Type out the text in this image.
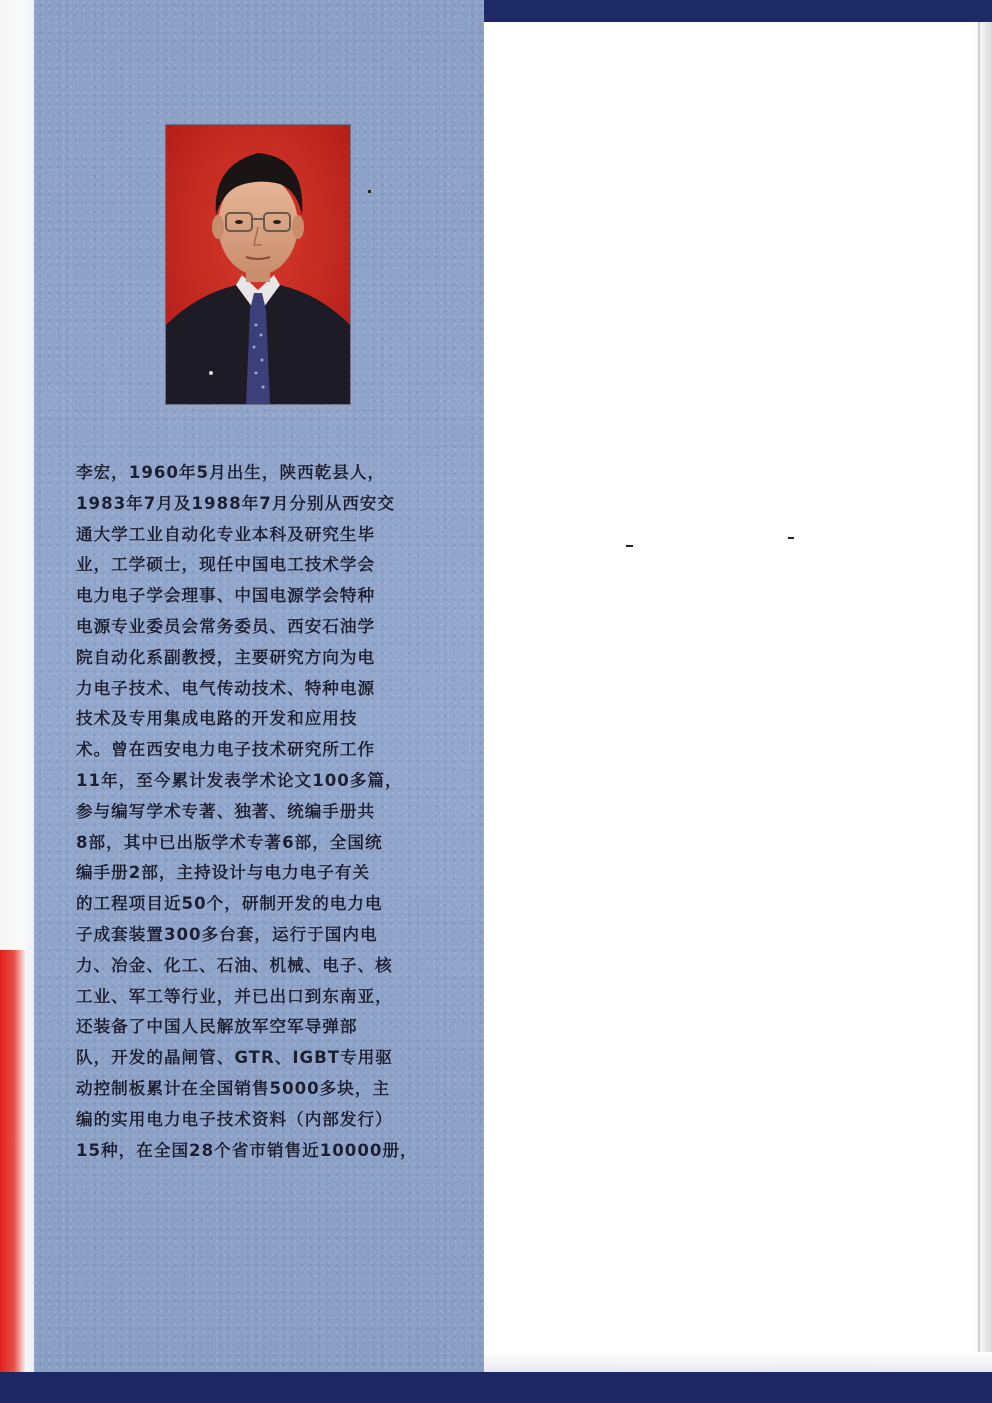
李宏，1960年5月出生，陕西乾县人，
1983年7月及1988年7月分别从西安交
通大学工业自动化专业本科及研究生毕
业，工学硕士，现任中国电工技术学会
电力电子学会理事、中国电源学会特种
电源专业委员会常务委员、西安石油学
院自动化系副教授，主要研究方向为电
力电子技术、电气传动技术、特种电源
技术及专用集成电路的开发和应用技
术。曾在西安电力电子技术研究所工作
11年，至今累计发表学术论文100多篇，
参与编写学术专著、独著、统编手册共
8部，其中已出版学术专著6部，全国统
编手册2部，主持设计与电力电子有关
的工程项目近50个，研制开发的电力电
子成套装置300多台套，运行于国内电
力、冶金、化工、石油、机械、电子、核
工业、军工等行业，并已出口到东南亚，
还装备了中国人民解放军空军导弹部
队，开发的晶闸管、GTR、IGBT专用驱
动控制板累计在全国销售5000多块，主
编的实用电力电子技术资料（内部发行）
15种，在全国28个省市销售近10000册，
